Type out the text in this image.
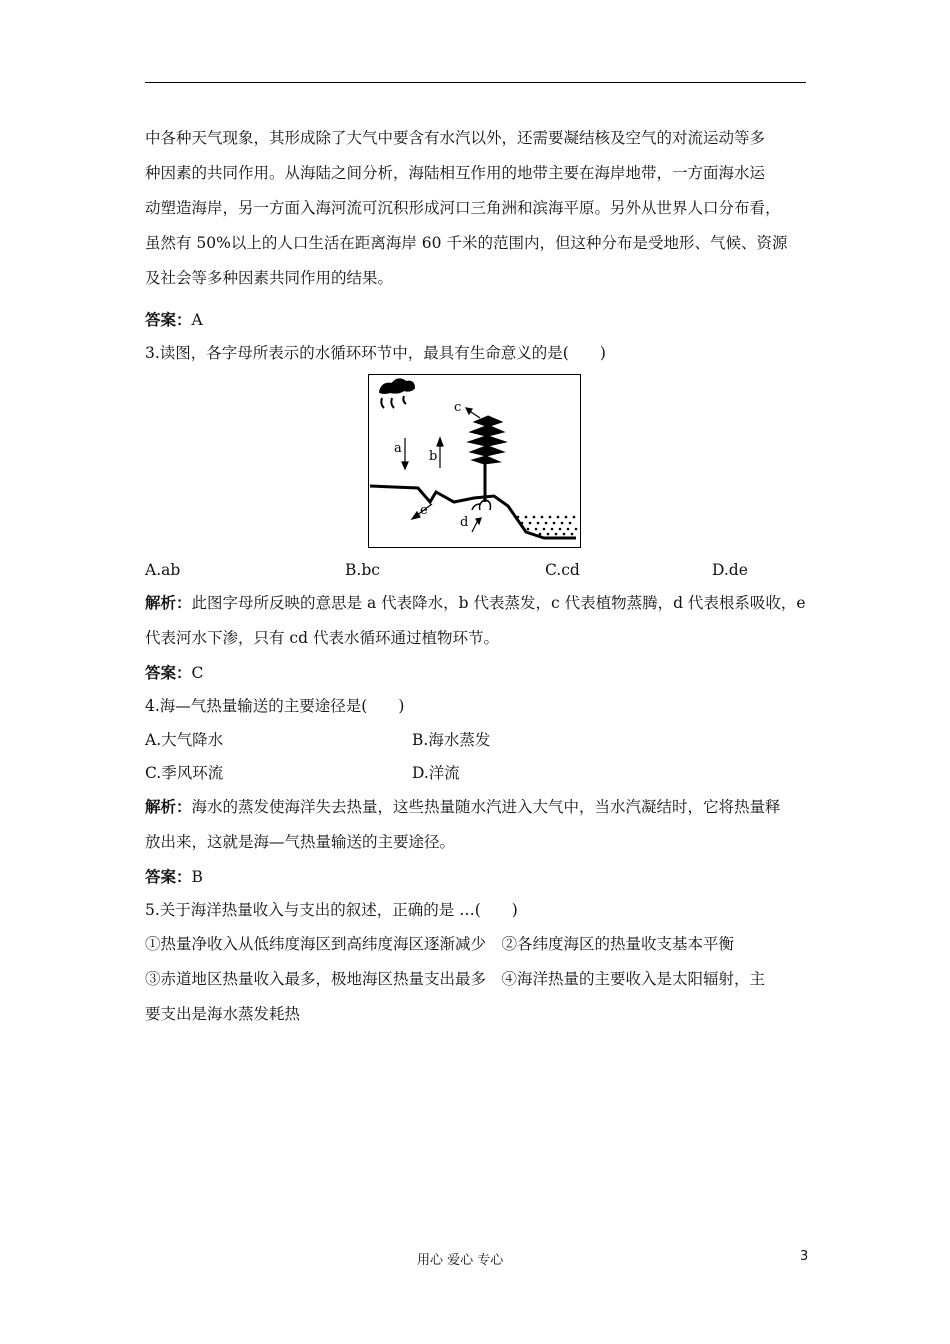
中各种天气现象，其形成除了大气中要含有水汽以外，还需要凝结核及空气的对流运动等多
种因素的共同作用。从海陆之间分析，海陆相互作用的地带主要在海岸地带，一方面海水运
动塑造海岸，另一方面入海河流可沉积形成河口三角洲和滨海平原。另外从世界人口分布看，
虽然有 50%以上的人口生活在距离海岸 60 千米的范围内，但这种分布是受地形、气候、资源
及社会等多种因素共同作用的结果。
答案：A
3.读图，各字母所表示的水循环环节中，最具有生命意义的是(　　)
a
b
c
d
e
A.ab	B.bc	C.cd	D.de
解析：此图字母所反映的意思是 a 代表降水，b 代表蒸发，c 代表植物蒸腾，d 代表根系吸收，e
代表河水下渗，只有 cd 代表水循环通过植物环节。
答案：C
4.海—气热量输送的主要途径是(　　)
A.大气降水	B.海水蒸发
C.季风环流	D.洋流
解析：海水的蒸发使海洋失去热量，这些热量随水汽进入大气中，当水汽凝结时，它将热量释
放出来，这就是海—气热量输送的主要途径。
答案：B
5.关于海洋热量收入与支出的叙述，正确的是 …(　　)
①热量净收入从低纬度海区到高纬度海区逐渐减少　②各纬度海区的热量收支基本平衡
③赤道地区热量收入最多，极地海区热量支出最多　④海洋热量的主要收入是太阳辐射，主
要支出是海水蒸发耗热
用心 爱心 专心	3
